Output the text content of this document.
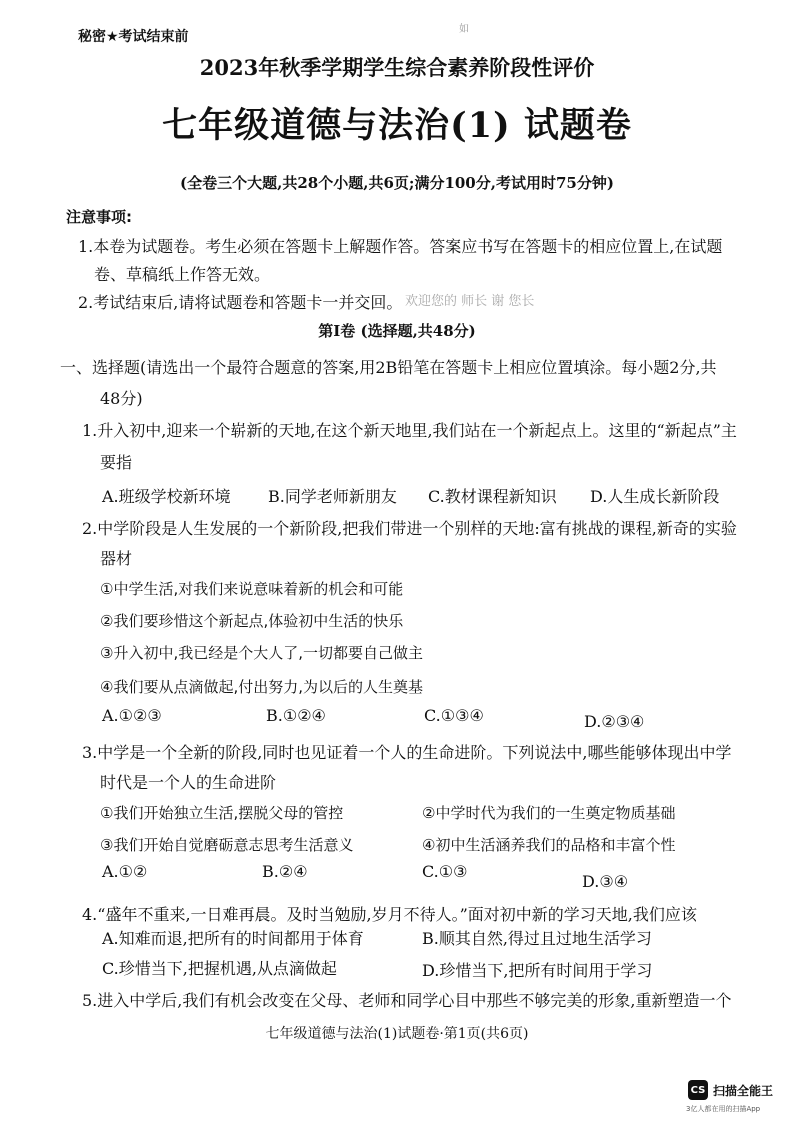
秘密★考试结束前	如
2023年秋季学期学生综合素养阶段性评价
七年级道德与法治(1) 试题卷
(全卷三个大题,共28个小题,共6页;满分100分,考试用时75分钟)
注意事项:
1.本卷为试题卷。考生必须在答题卡上解题作答。答案应书写在答题卡的相应位置上,在试题
卷、草稿纸上作答无效。
2.考试结束后,请将试题卷和答题卡一并交回。 欢迎您的 师长 谢 您长
第Ⅰ卷 (选择题,共48分)
一、选择题(请选出一个最符合题意的答案,用2B铅笔在答题卡上相应位置填涂。每小题2分,共
48分)
1.升入初中,迎来一个崭新的天地,在这个新天地里,我们站在一个新起点上。这里的“新起点”主
要指
A.班级学校新环境 B.同学老师新朋友 C.教材课程新知识 D.人生成长新阶段
2.中学阶段是人生发展的一个新阶段,把我们带进一个别样的天地:富有挑战的课程,新奇的实验
器材
①中学生活,对我们来说意味着新的机会和可能
②我们要珍惜这个新起点,体验初中生活的快乐
③升入初中,我已经是个大人了,一切都要自己做主
④我们要从点滴做起,付出努力,为以后的人生奠基
A.①②③	B.①②④	C.①③④	D.②③④
3.中学是一个全新的阶段,同时也见证着一个人的生命进阶。下列说法中,哪些能够体现出中学
时代是一个人的生命进阶
①我们开始独立生活,摆脱父母的管控	②中学时代为我们的一生奠定物质基础
③我们开始自觉磨砺意志思考生活意义	④初中生活涵养我们的品格和丰富个性
A.①②	B.②④	C.①③
D.③④
4.“盛年不重来,一日难再晨。及时当勉励,岁月不待人。”面对初中新的学习天地,我们应该
A.知难而退,把所有的时间都用于体育	B.顺其自然,得过且过地生活学习
C.珍惜当下,把握机遇,从点滴做起	D.珍惜当下,把所有时间用于学习
5.进入中学后,我们有机会改变在父母、老师和同学心目中那些不够完美的形象,重新塑造一个
七年级道德与法治(1)试题卷·第1页(共6页)
CS 扫描全能王
3亿人都在用的扫描App
